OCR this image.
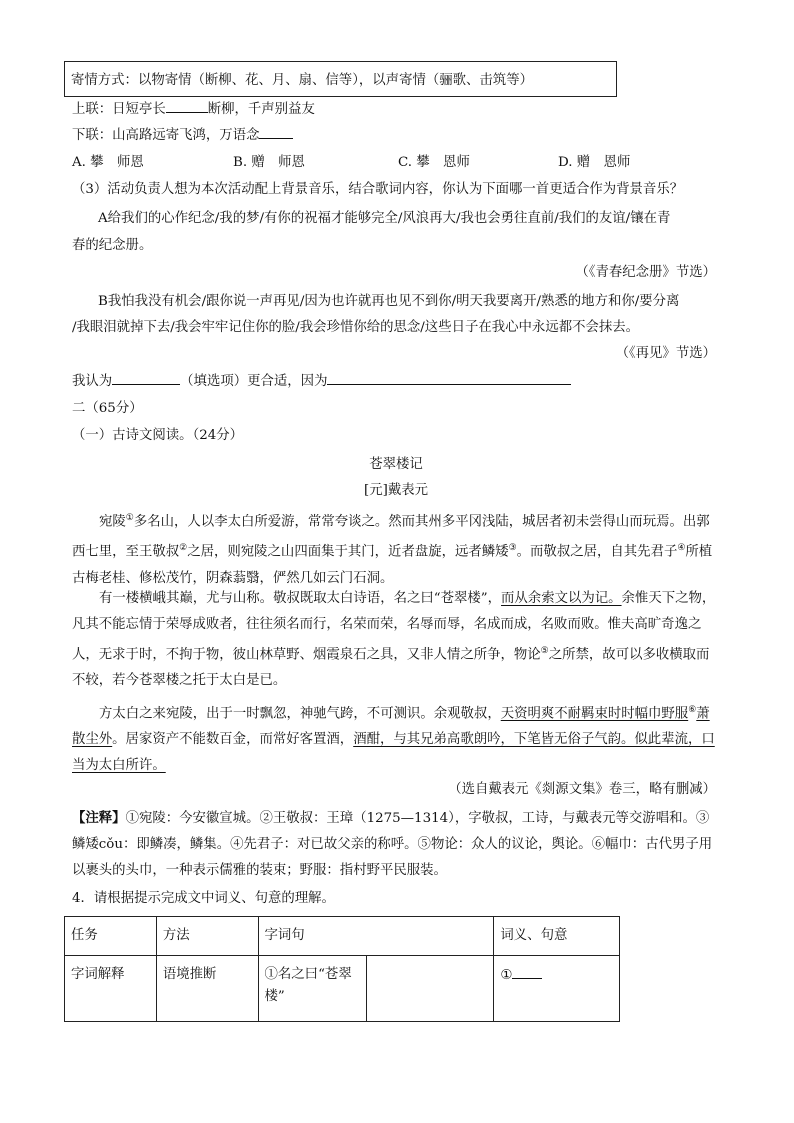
寄情方式：以物寄情（断柳、花、月、扇、信等），以声寄情（骊歌、击筑等）
上联：日短亭长	断柳，千声别益友
下联：山高路远寄飞鸿，万语念
A. 攀　师恩	B. 赠　师恩	C. 攀　恩师	D. 赠　恩师
（3）活动负责人想为本次活动配上背景音乐，结合歌词内容，你认为下面哪一首更适合作为背景音乐？
A给我们的心作纪念/我的梦/有你的祝福才能够完全/风浪再大/我也会勇往直前/我们的友谊/镶在青
春的纪念册。
（《青春纪念册》节选）
B我怕我没有机会/跟你说一声再见/因为也许就再也见不到你/明天我要离开/熟悉的地方和你/要分离
/我眼泪就掉下去/我会牢牢记住你的脸/我会珍惜你给的思念/这些日子在我心中永远都不会抹去。
（《再见》节选）
我认为	（填选项）更合适，因为
二（65分）
（一）古诗文阅读。（24分）
苍翠楼记
[元]戴表元
宛陵①多名山，人以李太白所爱游，常常夸谈之。然而其州多平冈浅陆，城居者初未尝得山而玩焉。出郭西七里，至王敬叔②之居，则宛陵之山四面集于其门，近者盘旋，远者鳞矮③。而敬叔之居，自其先君子④所植古梅老桂、修松茂竹，阴森蓊翳，俨然几如云门石洞。
有一楼横峨其巅，尤与山称。敬叔既取太白诗语，名之曰“苍翠楼”，而从余索文以为记。余惟天下之物，凡其不能忘情于荣辱成败者，往往须名而行，名荣而荣，名辱而辱，名成而成，名败而败。惟夫高旷奇逸之人，无求于时，不拘于物，彼山林草野、烟霞泉石之具，又非人情之所争，物论⑤之所禁，故可以多收横取而不较，若今苍翠楼之托于太白是已。
方太白之来宛陵，出于一时飘忽，神驰气跨，不可测识。余观敬叔，天资明爽不耐羁束时时幅巾野服⑥萧散尘外。居家资产不能数百金，而常好客置酒，酒酣，与其兄弟高歌朗吟，下笔皆无俗子气韵。似此辈流，口当为太白所许。
（选自戴表元《剡源文集》卷三，略有删减）
【注释】①宛陵：今安徽宣城。②王敬叔：王璋（1275—1314），字敬叔，工诗，与戴表元等交游唱和。③鳞矮cǒu：即鳞凑，鳞集。④先君子：对已故父亲的称呼。⑤物论：众人的议论，舆论。⑥幅巾：古代男子用以裹头的头巾，一种表示儒雅的装束；野服：指村野平民服装。
4．请根据提示完成文中词义、句意的理解。
任务	方法	字词句		词义、句意
字词解释	语境推断	①名之曰“苍翠楼”		①
